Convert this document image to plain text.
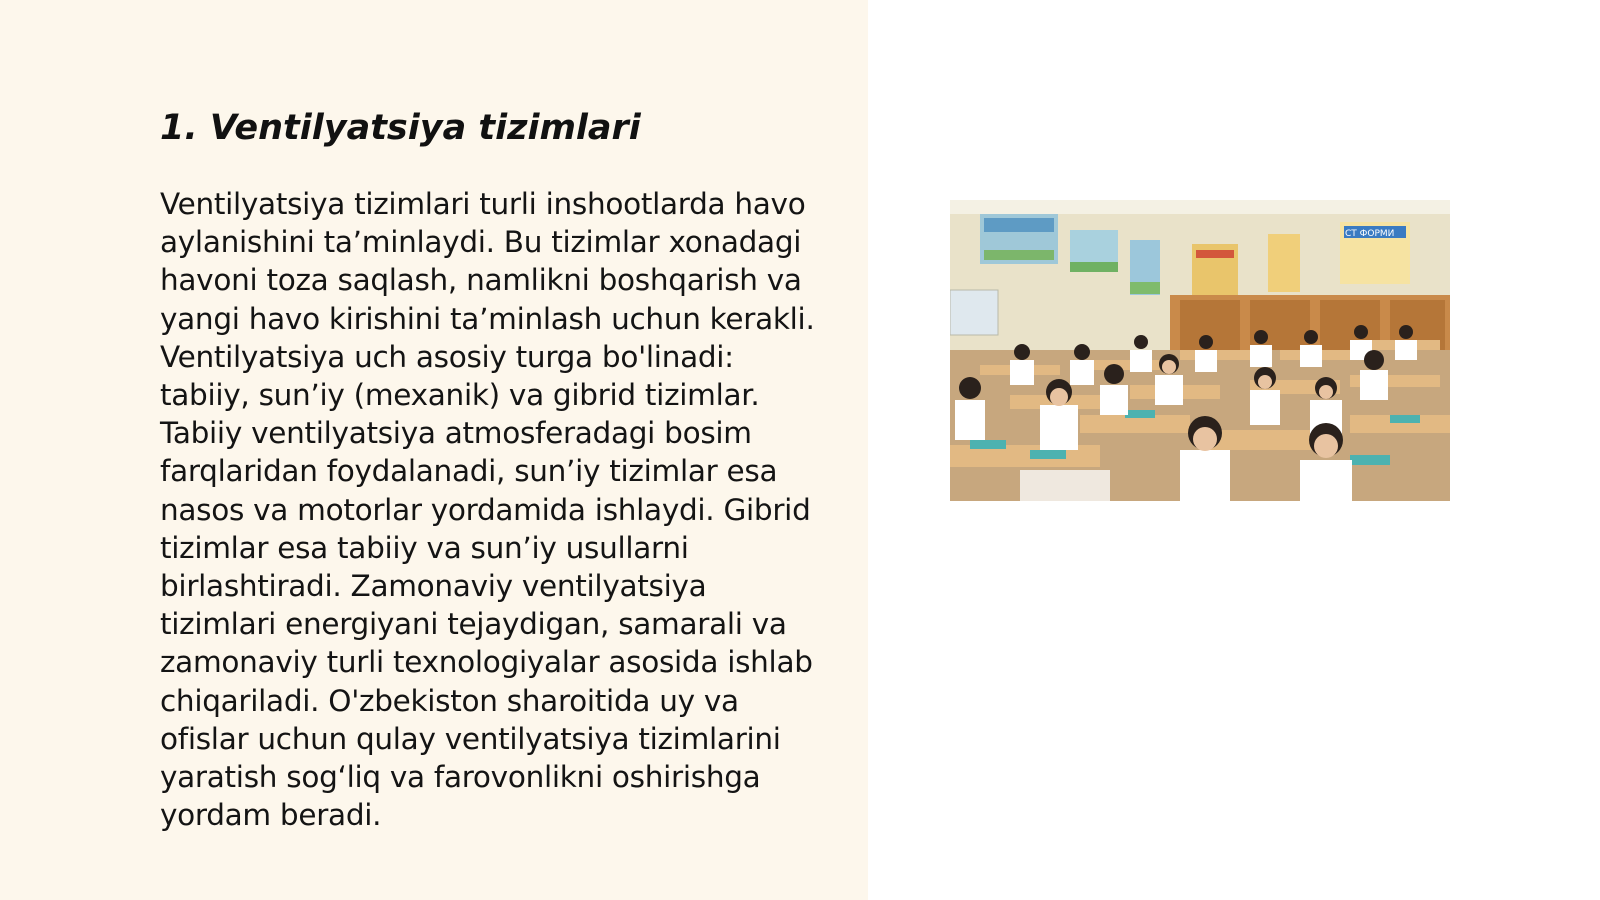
1. Ventilyatsiya tizimlari
Ventilyatsiya tizimlari turli inshootlarda havo
aylanishini ta’minlaydi. Bu tizimlar xonadagi
havoni toza saqlash, namlikni boshqarish va
yangi havo kirishini ta’minlash uchun kerakli.
Ventilyatsiya uch asosiy turga bo'linadi:
tabiiy, sun’iy (mexanik) va gibrid tizimlar.
Tabiiy ventilyatsiya atmosferadagi bosim
farqlaridan foydalanadi, sun’iy tizimlar esa
nasos va motorlar yordamida ishlaydi. Gibrid
tizimlar esa tabiiy va sun’iy usullarni
birlashtiradi. Zamonaviy ventilyatsiya
tizimlari energiyani tejaydigan, samarali va
zamonaviy turli texnologiyalar asosida ishlab
chiqariladi. O'zbekiston sharoitida uy va
ofislar uchun qulay ventilyatsiya tizimlarini
yaratish sog‘liq va farovonlikni oshirishga
yordam beradi.
СТ ФОРМИ
